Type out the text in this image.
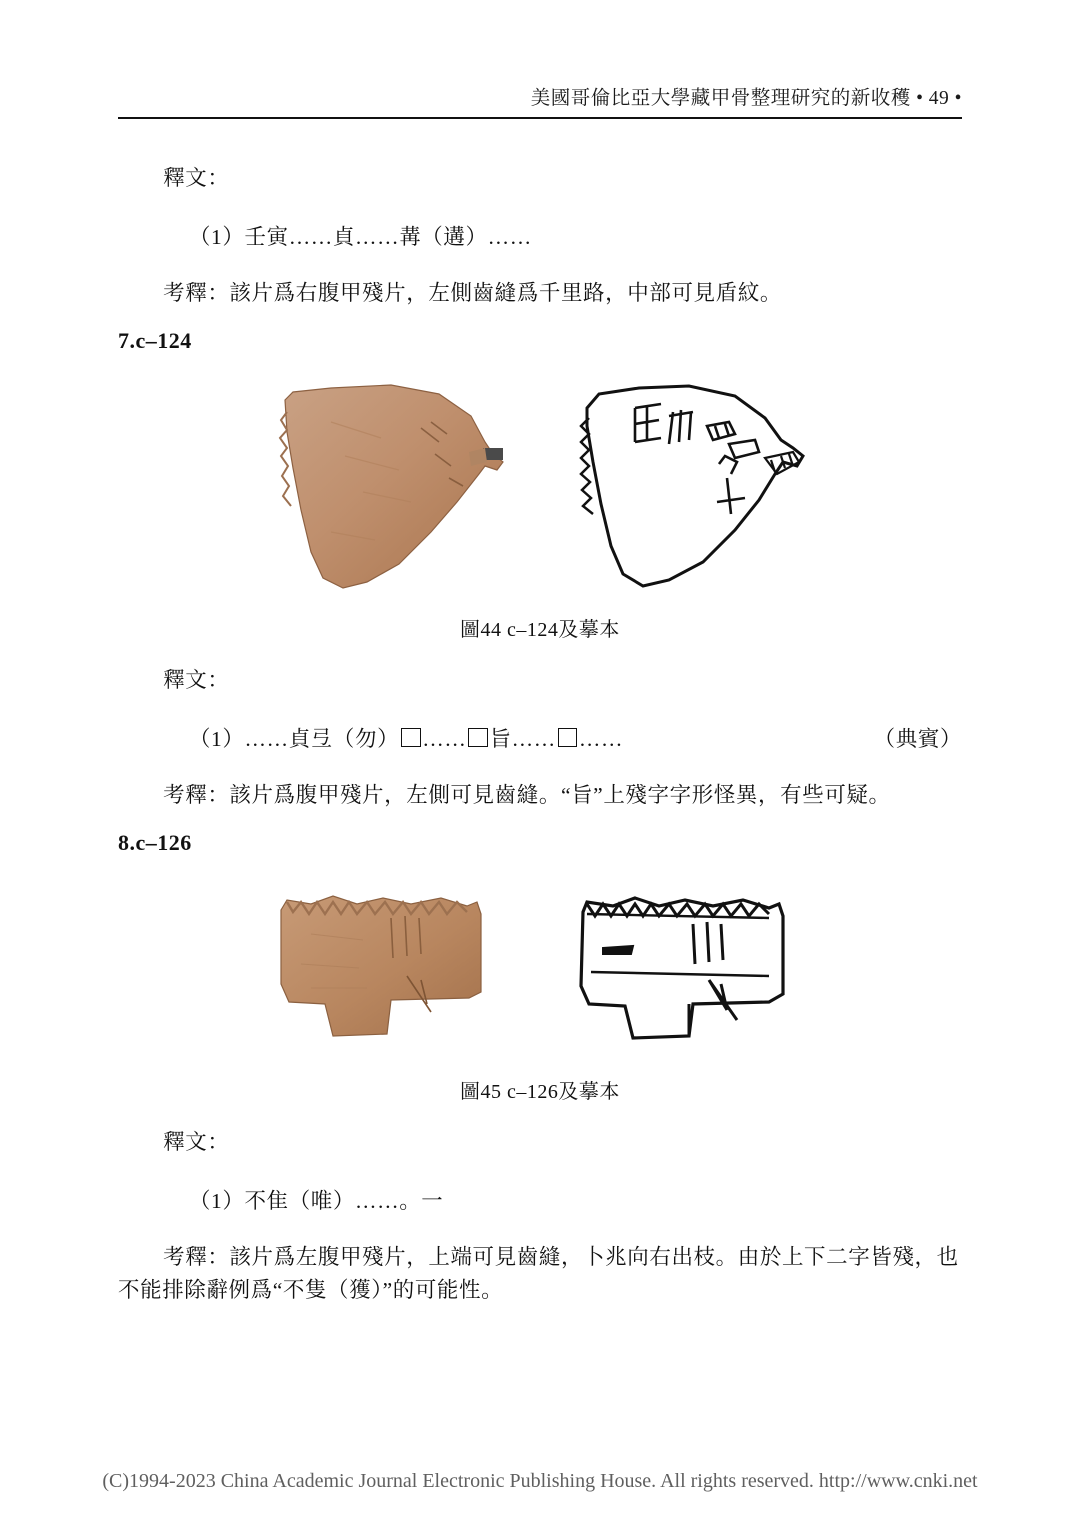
美國哥倫比亞大學藏甲骨整理研究的新收穫 • 49 •

釋文：

（1）壬寅……貞……冓（遘）……

考釋：該片爲右腹甲殘片，左側齒縫爲千里路，中部可見盾紋。

7.c–124

圖44 c–124及摹本

釋文：

（1）……貞弖（勿） …… 旨…… ……	（典賓）

考釋：該片爲腹甲殘片，左側可見齒縫。“旨”上殘字字形怪異，有些可疑。

8.c–126

圖45 c–126及摹本

釋文：

（1）不隹（唯）……。一

考釋：該片爲左腹甲殘片，上端可見齒縫，卜兆向右出枝。由於上下二字皆殘，也不能排除辭例爲“不隻（獲）”的可能性。

(C)1994-2023 China Academic Journal Electronic Publishing House. All rights reserved. http://www.cnki.net
